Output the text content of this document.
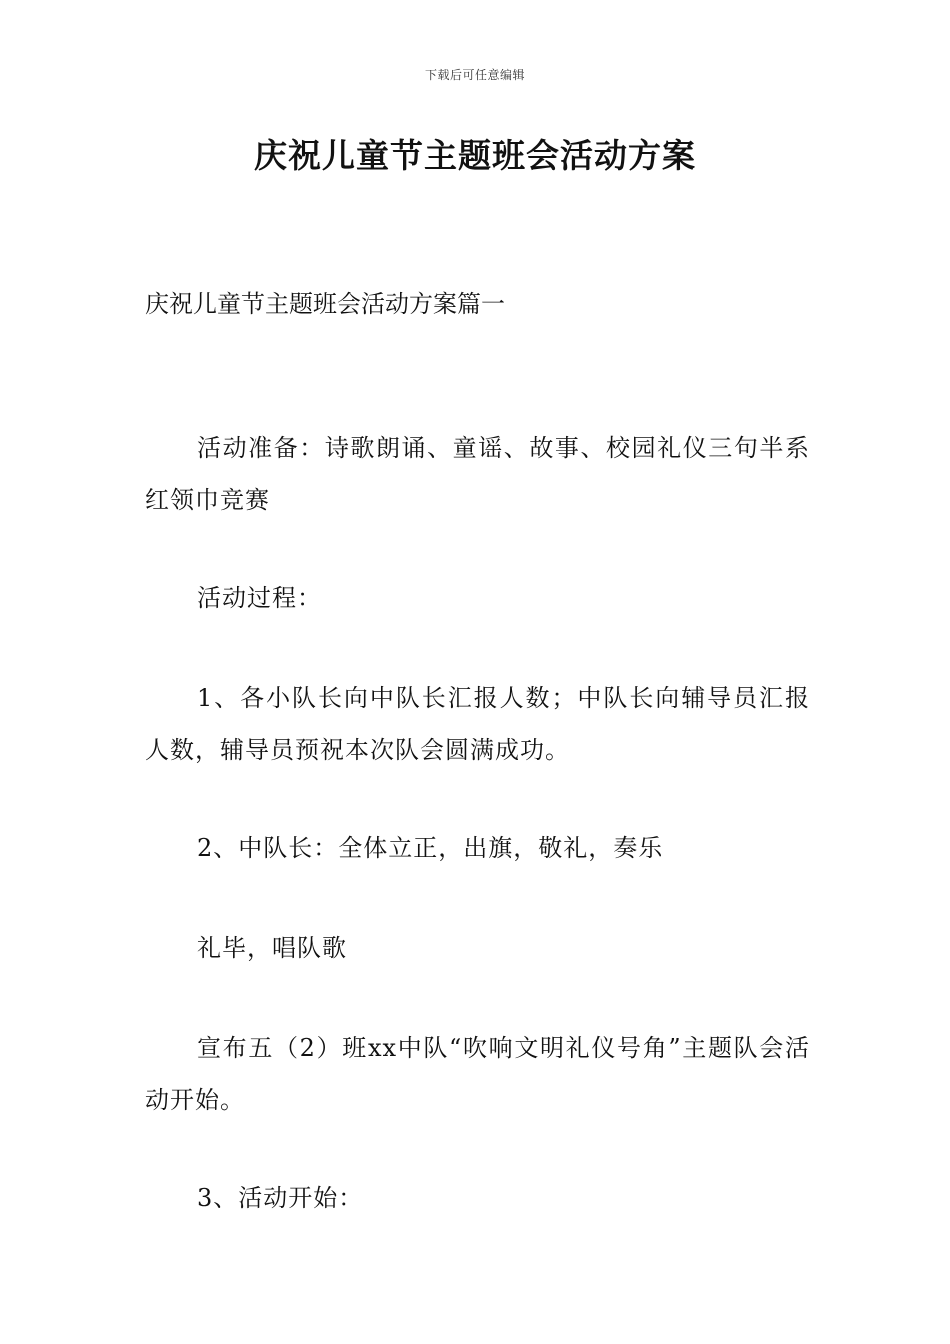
下载后可任意编辑
庆祝儿童节主题班会活动方案
庆祝儿童节主题班会活动方案篇一

活动准备：诗歌朗诵、童谣、故事、校园礼仪三句半系红领巾竞赛

活动过程：

1、各小队长向中队长汇报人数；中队长向辅导员汇报人数，辅导员预祝本次队会圆满成功。

2、中队长：全体立正，出旗，敬礼，奏乐

礼毕，唱队歌

宣布五（2）班xx中队“吹响文明礼仪号角”主题队会活动开始。

3、活动开始：
